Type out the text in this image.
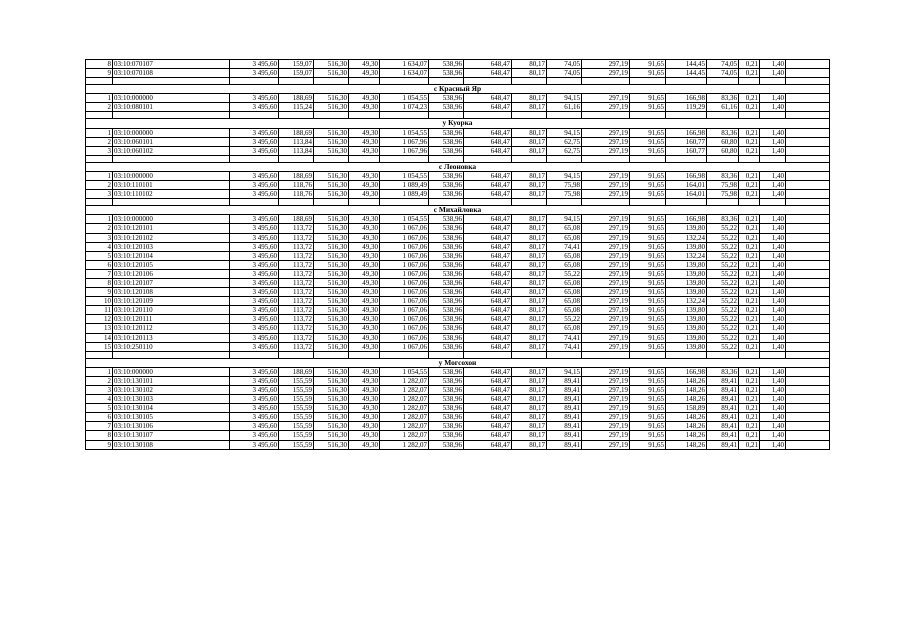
8	03:10:070107	3 495,60	159,07	516,30	49,30	1 634,07	538,96	648,47	80,17	74,05	297,19	91,65	144,45	74,05	0,21	1,40	
9	03:10:070108	3 495,60	159,07	516,30	49,30	1 634,07	538,96	648,47	80,17	74,05	297,19	91,65	144,45	74,05	0,21	1,40	

с Красный Яр																	
1	03:10:000000	3 495,60	188,69	516,30	49,30	1 054,55	538,96	648,47	80,17	94,15	297,19	91,65	166,98	83,36	0,21	1,40	
2	03:10:080101	3 495,60	115,24	516,30	49,30	1 074,23	538,96	648,47	80,17	61,16	297,19	91,65	119,29	61,16	0,21	1,40	

у Куорка																	
1	03:10:000000	3 495,60	188,69	516,30	49,30	1 054,55	538,96	648,47	80,17	94,15	297,19	91,65	166,98	83,36	0,21	1,40	
2	03:10:060101	3 495,60	113,84	516,30	49,30	1 067,96	538,96	648,47	80,17	62,75	297,19	91,65	160,77	60,80	0,21	1,40	
3	03:10:060102	3 495,60	113,84	516,30	49,30	1 067,96	538,96	648,47	80,17	62,75	297,19	91,65	160,77	60,80	0,21	1,40	

с Леоновка																	
1	03:10:000000	3 495,60	188,69	516,30	49,30	1 054,55	538,96	648,47	80,17	94,15	297,19	91,65	166,98	83,36	0,21	1,40	
2	03:10:110101	3 495,60	118,76	516,30	49,30	1 089,49	538,96	648,47	80,17	75,98	297,19	91,65	164,01	75,98	0,21	1,40	
3	03:10:110102	3 495,60	118,76	516,30	49,30	1 089,49	538,96	648,47	80,17	75,98	297,19	91,65	164,01	75,98	0,21	1,40	

с Михайловка																	
1	03:10:000000	3 495,60	188,69	516,30	49,30	1 054,55	538,96	648,47	80,17	94,15	297,19	91,65	166,98	83,36	0,21	1,40	
2	03:10:120101	3 495,60	113,72	516,30	49,30	1 067,06	538,96	648,47	80,17	65,08	297,19	91,65	139,80	55,22	0,21	1,40	
3	03:10:120102	3 495,60	113,72	516,30	49,30	1 067,06	538,96	648,47	80,17	65,08	297,19	91,65	132,24	55,22	0,21	1,40	
4	03:10:120103	3 495,60	113,72	516,30	49,30	1 067,06	538,96	648,47	80,17	74,41	297,19	91,65	139,80	55,22	0,21	1,40	
5	03:10:120104	3 495,60	113,72	516,30	49,30	1 067,06	538,96	648,47	80,17	65,08	297,19	91,65	132,24	55,22	0,21	1,40	
6	03:10:120105	3 495,60	113,72	516,30	49,30	1 067,06	538,96	648,47	80,17	65,08	297,19	91,65	139,80	55,22	0,21	1,40	
7	03:10:120106	3 495,60	113,72	516,30	49,30	1 067,06	538,96	648,47	80,17	55,22	297,19	91,65	139,80	55,22	0,21	1,40	
8	03:10:120107	3 495,60	113,72	516,30	49,30	1 067,06	538,96	648,47	80,17	65,08	297,19	91,65	139,80	55,22	0,21	1,40	
9	03:10:120108	3 495,60	113,72	516,30	49,30	1 067,06	538,96	648,47	80,17	65,08	297,19	91,65	139,80	55,22	0,21	1,40	
10	03:10:120109	3 495,60	113,72	516,30	49,30	1 067,06	538,96	648,47	80,17	65,08	297,19	91,65	132,24	55,22	0,21	1,40	
11	03:10:120110	3 495,60	113,72	516,30	49,30	1 067,06	538,96	648,47	80,17	65,08	297,19	91,65	139,80	55,22	0,21	1,40	
12	03:10:120111	3 495,60	113,72	516,30	49,30	1 067,06	538,96	648,47	80,17	55,22	297,19	91,65	139,80	55,22	0,21	1,40	
13	03:10:120112	3 495,60	113,72	516,30	49,30	1 067,06	538,96	648,47	80,17	65,08	297,19	91,65	139,80	55,22	0,21	1,40	
14	03:10:120113	3 495,60	113,72	516,30	49,30	1 067,06	538,96	648,47	80,17	74,41	297,19	91,65	139,80	55,22	0,21	1,40	
15	03:10:250110	3 495,60	113,72	516,30	49,30	1 067,06	538,96	648,47	80,17	74,41	297,19	91,65	139,80	55,22	0,21	1,40	

у Могсохон																	
1	03:10:000000	3 495,60	188,69	516,30	49,30	1 054,55	538,96	648,47	80,17	94,15	297,19	91,65	166,98	83,36	0,21	1,40	
2	03:10:130101	3 495,60	155,59	516,30	49,30	1 282,07	538,96	648,47	80,17	89,41	297,19	91,65	148,26	89,41	0,21	1,40	
3	03:10:130102	3 495,60	155,59	516,30	49,30	1 282,07	538,96	648,47	80,17	89,41	297,19	91,65	148,26	89,41	0,21	1,40	
4	03:10:130103	3 495,60	155,59	516,30	49,30	1 282,07	538,96	648,47	80,17	89,41	297,19	91,65	148,26	89,41	0,21	1,40	
5	03:10:130104	3 495,60	155,59	516,30	49,30	1 282,07	538,96	648,47	80,17	89,41	297,19	91,65	158,89	89,41	0,21	1,40	
6	03:10:130105	3 495,60	155,59	516,30	49,30	1 282,07	538,96	648,47	80,17	89,41	297,19	91,65	148,26	89,41	0,21	1,40	
7	03:10:130106	3 495,60	155,59	516,30	49,30	1 282,07	538,96	648,47	80,17	89,41	297,19	91,65	148,26	89,41	0,21	1,40	
8	03:10:130107	3 495,60	155,59	516,30	49,30	1 282,07	538,96	648,47	80,17	89,41	297,19	91,65	148,26	89,41	0,21	1,40	
9	03:10:130108	3 495,60	155,59	516,30	49,30	1 282,07	538,96	648,47	80,17	89,41	297,19	91,65	148,26	89,41	0,21	1,40	
